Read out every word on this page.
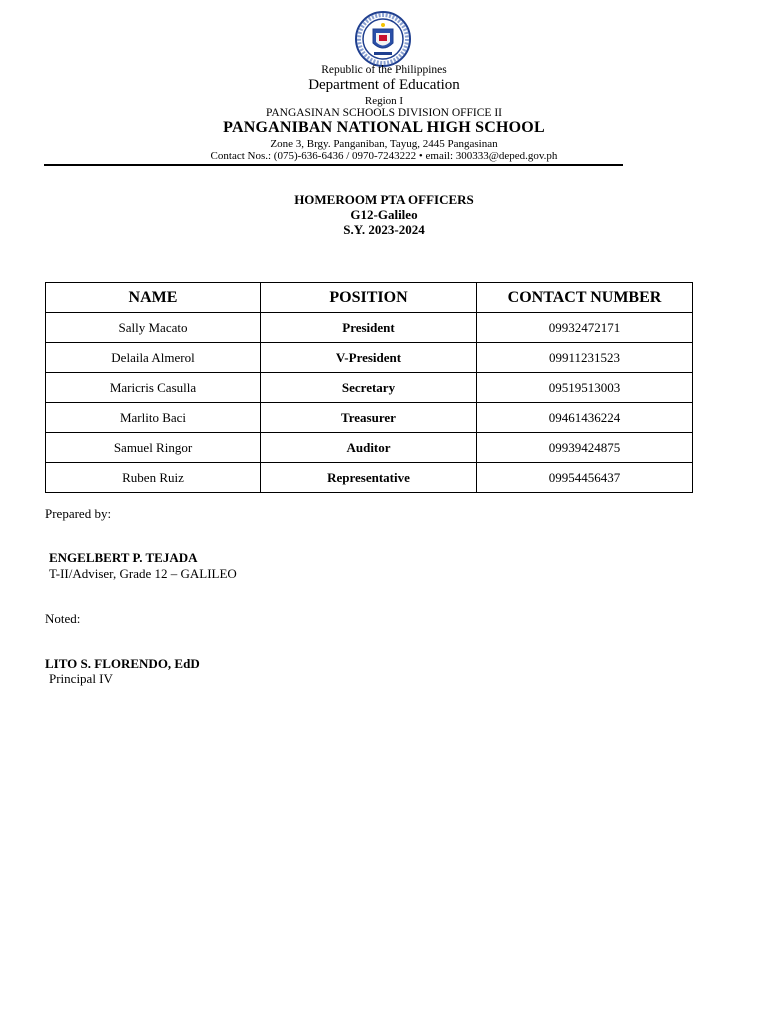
Republic of the Philippines
Department of Education
Region I
PANGASINAN SCHOOLS DIVISION OFFICE II
PANGANIBAN NATIONAL HIGH SCHOOL
Zone 3, Brgy. Panganiban, Tayug, 2445 Pangasinan
Contact Nos.: (075)-636-6436 / 0970-7243222 • email: 300333@deped.gov.ph
HOMEROOM PTA OFFICERS
G12-Galileo
S.Y. 2023-2024
NAME	POSITION	CONTACT NUMBER
Sally Macato	President	09932472171
Delaila Almerol	V-President	09911231523
Maricris Casulla	Secretary	09519513003
Marlito Baci	Treasurer	09461436224
Samuel Ringor	Auditor	09939424875
Ruben Ruiz	Representative	09954456437
Prepared by:
ENGELBERT P. TEJADA
T-II/Adviser, Grade 12 – GALILEO
Noted:
LITO S. FLORENDO, EdD
Principal IV
